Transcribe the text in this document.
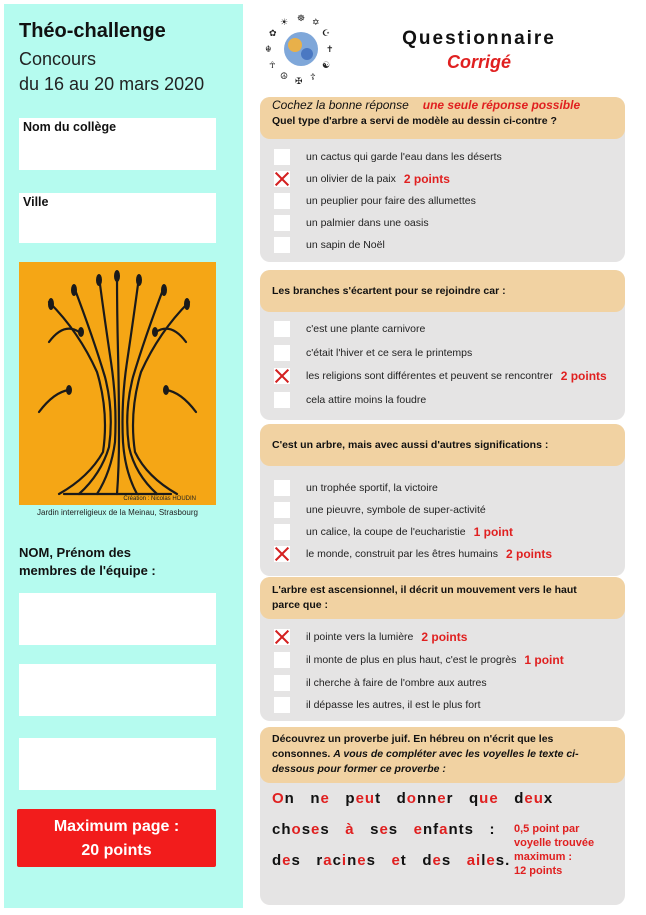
Théo-challenge
Concours
du 16 au 20 mars 2020
Nom du collège
Ville
Création : Nicolas HOUDIN
Jardin interreligieux de la Meinau, Strasbourg
NOM, Prénom des
membres de l'équipe :
Maximum page :
20 points
☸ ✡
☪
✝
☯
☦
✠
☮
☥
☬
✿
☀
Questionnaire
Corrigé
Cochez la bonne réponse une seule réponse possible
Quel type d'arbre a servi de modèle au dessin ci-contre ?
un cactus qui garde l'eau dans les déserts
un olivier de la paix 2 points
un peuplier pour faire des allumettes
un palmier dans une oasis
un sapin de Noël
Les branches s'écartent pour se rejoindre car :
c'est une plante carnivore
c'était l'hiver et ce sera le printemps
les religions sont différentes et peuvent se rencontrer 2 points
cela attire moins la foudre
C'est un arbre, mais avec aussi d'autres significations :
un trophée sportif, la victoire
une pieuvre, symbole de super-activité
un calice, la coupe de l'eucharistie 1 point
le monde, construit par les êtres humains 2 points
L'arbre est ascensionnel, il décrit un mouvement vers le haut
parce que :
il pointe vers la lumière 2 points
il monte de plus en plus haut, c'est le progrès 1 point
il cherche à faire de l'ombre aux autres
il dépasse les autres, il est le plus fort
Découvrez un proverbe juif. En hébreu on n'écrit que les
consonnes. A vous de compléter avec les voyelles le texte ci-
dessous pour former ce proverbe :
On ne peut donner que deux
choses à ses enfants :
des racines et des ailes.
0,5 point par
voyelle trouvée
maximum :
12 points
